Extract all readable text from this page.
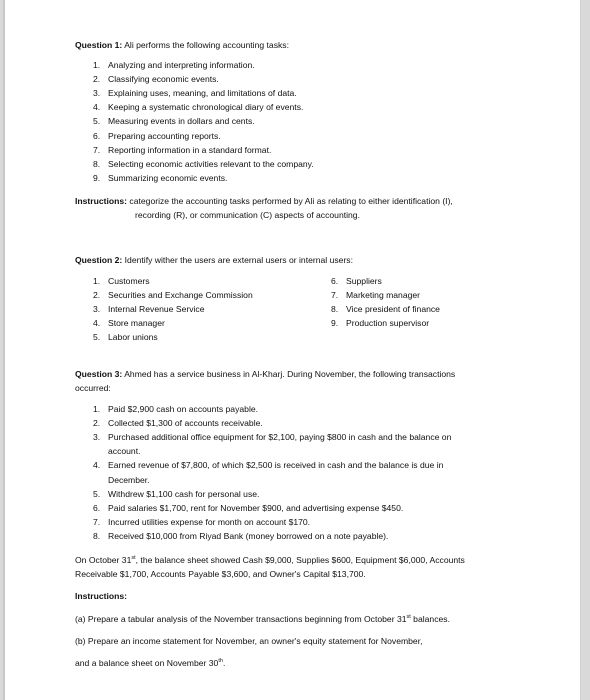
Question 1: Ali performs the following accounting tasks:
1. Analyzing and interpreting information.
2. Classifying economic events.
3. Explaining uses, meaning, and limitations of data.
4. Keeping a systematic chronological diary of events.
5. Measuring events in dollars and cents.
6. Preparing accounting reports.
7. Reporting information in a standard format.
8. Selecting economic activities relevant to the company.
9. Summarizing economic events.
Instructions: categorize the accounting tasks performed by Ali as relating to either identification (I),
recording (R), or communication (C) aspects of accounting.
Question 2: Identify wither the users are external users or internal users:
1. Customers
2. Securities and Exchange Commission
3. Internal Revenue Service
4. Store manager
5. Labor unions
6. Suppliers
7. Marketing manager
8. Vice president of finance
9. Production supervisor
Question 3: Ahmed has a service business in Al-Kharj. During November, the following transactions
occurred:
1. Paid $2,900 cash on accounts payable.
2. Collected $1,300 of accounts receivable.
3. Purchased additional office equipment for $2,100, paying $800 in cash and the balance on
account.
4. Earned revenue of $7,800, of which $2,500 is received in cash and the balance is due in
December.
5. Withdrew $1,100 cash for personal use.
6. Paid salaries $1,700, rent for November $900, and advertising expense $450.
7. Incurred utilities expense for month on account $170.
8. Received $10,000 from Riyad Bank (money borrowed on a note payable).
On October 31st, the balance sheet showed Cash $9,000, Supplies $600, Equipment $6,000, Accounts
Receivable $1,700, Accounts Payable $3,600, and Owner's Capital $13,700.
Instructions:
(a) Prepare a tabular analysis of the November transactions beginning from October 31st balances.
(b) Prepare an income statement for November, an owner's equity statement for November,
and a balance sheet on November 30th.
